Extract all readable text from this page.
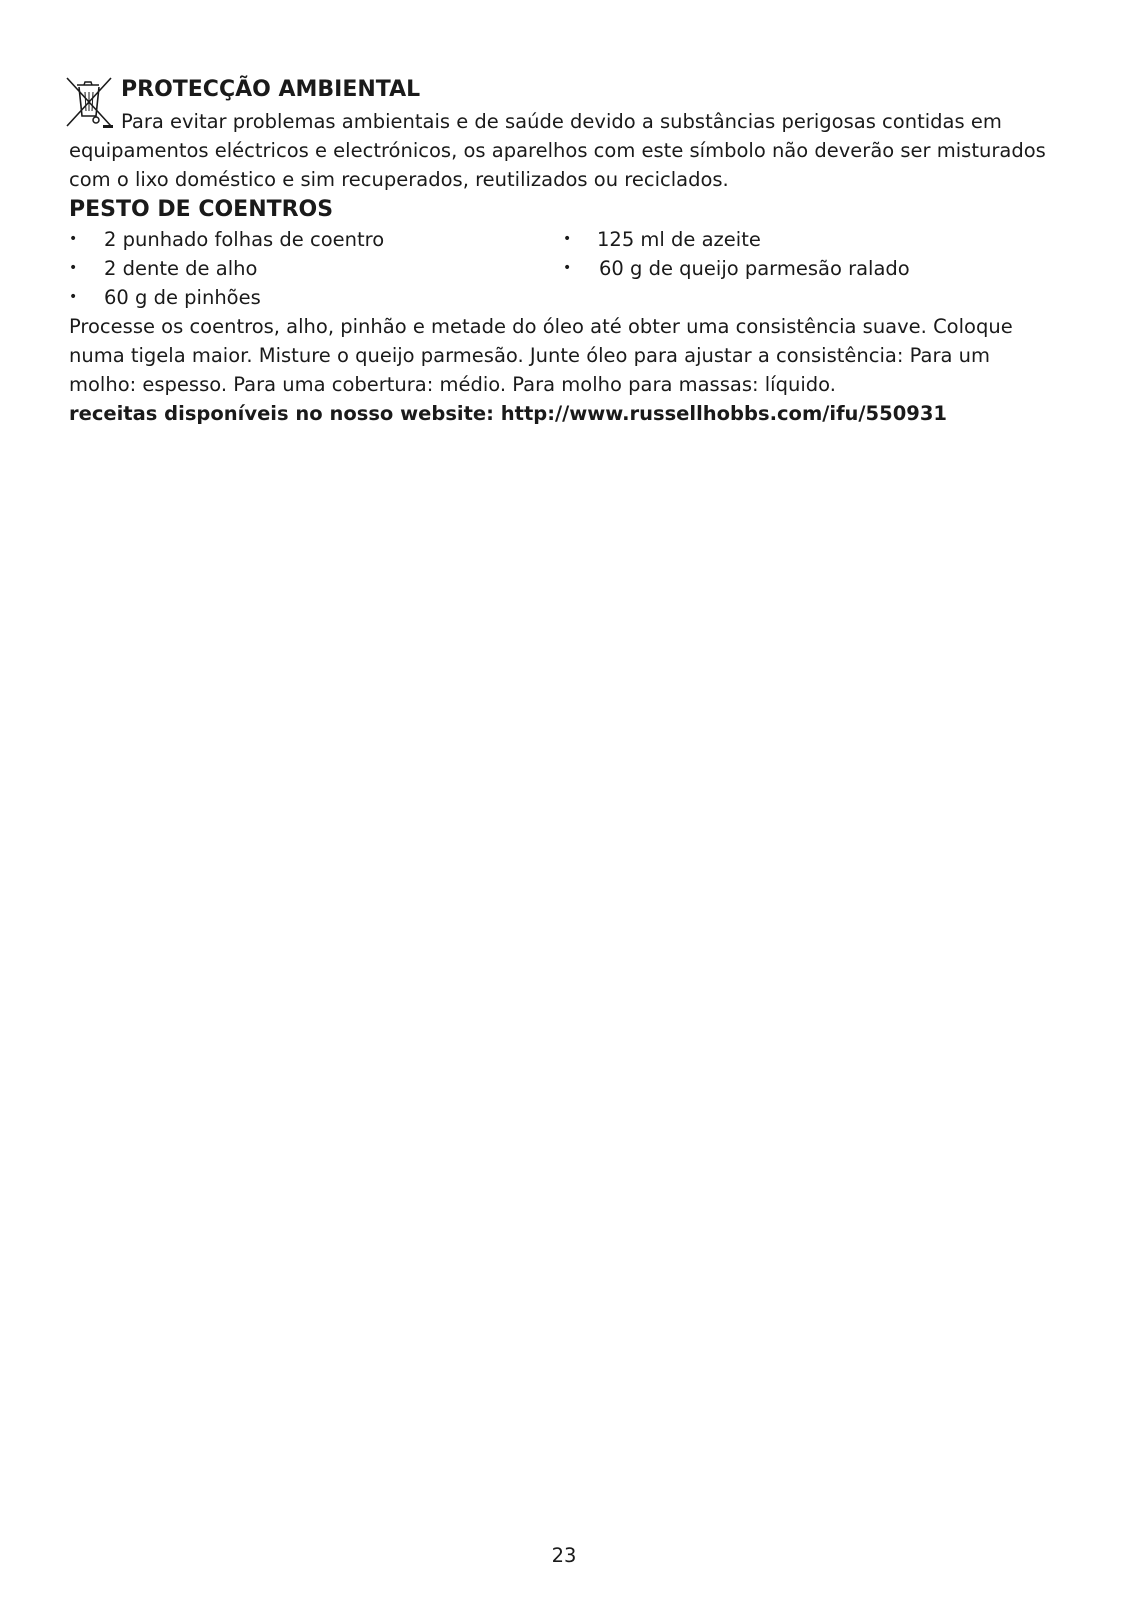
PROTECÇÃO AMBIENTAL

Para evitar problemas ambientais e de saúde devido a substâncias perigosas contidas em equipamentos eléctricos e electrónicos, os aparelhos com este símbolo não deverão ser misturados com o lixo doméstico e sim recuperados, reutilizados ou reciclados.

PESTO DE COENTROS
• 2 punhado folhas de coentro
• 2 dente de alho
• 60 g de pinhões
• 125 ml de azeite
• 60 g de queijo parmesão ralado

Processe os coentros, alho, pinhão e metade do óleo até obter uma consistência suave. Coloque numa tigela maior. Misture o queijo parmesão. Junte óleo para ajustar a consistência: Para um molho: espesso. Para uma cobertura: médio. Para molho para massas: líquido.

receitas disponíveis no nosso website: http://www.russellhobbs.com/ifu/550931

23
